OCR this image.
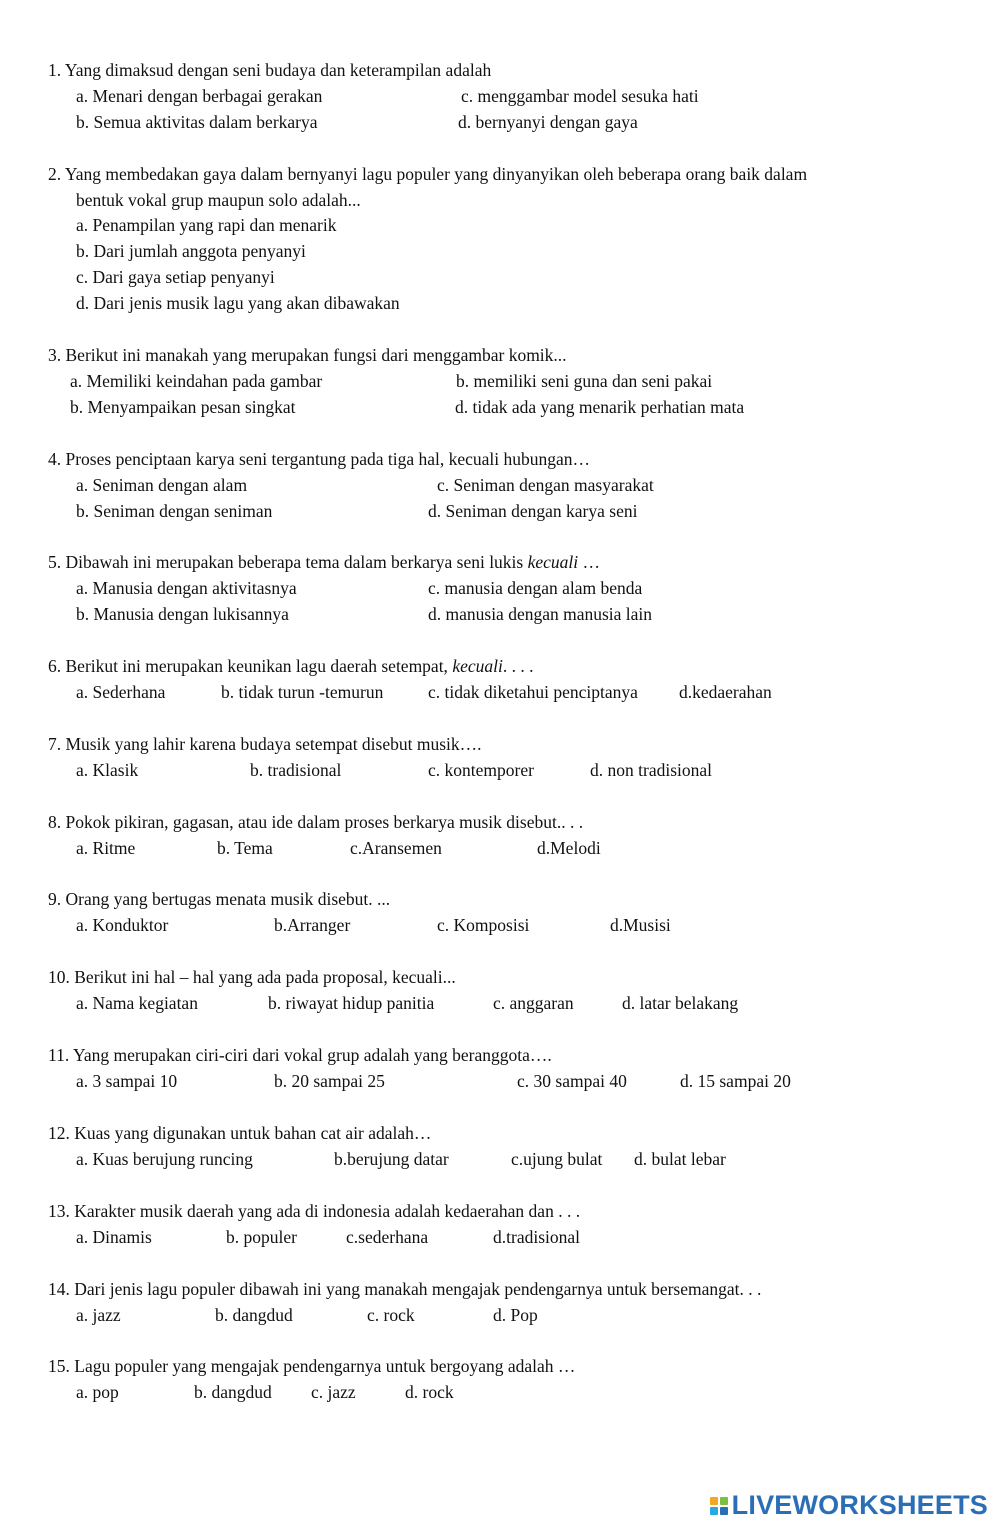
1. Yang dimaksud dengan seni budaya dan keterampilan adalah
a. Menari dengan berbagai gerakan	c. menggambar model sesuka hati
b. Semua aktivitas dalam berkarya	d. bernyanyi dengan gaya
2. Yang membedakan gaya dalam bernyanyi lagu populer yang dinyanyikan oleh beberapa orang baik dalam
bentuk vokal grup maupun solo adalah...
a. Penampilan yang rapi dan menarik
b. Dari jumlah anggota penyanyi
c. Dari gaya setiap penyanyi
d. Dari jenis musik lagu yang akan dibawakan
3. Berikut ini manakah yang merupakan fungsi dari menggambar komik...
a. Memiliki keindahan pada gambar	b. memiliki seni guna dan seni pakai
b. Menyampaikan pesan singkat	d. tidak ada yang menarik perhatian mata
4. Proses penciptaan karya seni tergantung pada tiga hal, kecuali hubungan…
a. Seniman dengan alam	c. Seniman dengan masyarakat
b. Seniman dengan seniman	d. Seniman dengan karya seni
5. Dibawah ini merupakan beberapa tema dalam berkarya seni lukis kecuali …
a. Manusia dengan aktivitasnya	c. manusia dengan alam benda
b. Manusia dengan lukisannya	d. manusia dengan manusia lain
6. Berikut ini merupakan keunikan lagu daerah setempat, kecuali. . . .
a. Sederhana	b. tidak turun -temurun	c. tidak diketahui penciptanya d.kedaerahan
7. Musik yang lahir karena budaya setempat disebut musik….
a. Klasik	b. tradisional	c. kontemporer	d. non tradisional
8. Pokok pikiran, gagasan, atau ide dalam proses berkarya musik disebut.. . .
a. Ritme	b. Tema	c.Aransemen	d.Melodi
9. Orang yang bertugas menata musik disebut. ...
a. Konduktor	b.Arranger	c. Komposisi	d.Musisi
10. Berikut ini hal – hal yang ada pada proposal, kecuali...
a. Nama kegiatan	b. riwayat hidup panitia	c. anggaran	d. latar belakang
11. Yang merupakan ciri-ciri dari vokal grup adalah yang beranggota….
a. 3 sampai 10	b. 20 sampai 25	c. 30 sampai 40	d. 15 sampai 20
12. Kuas yang digunakan untuk bahan cat air adalah…
a. Kuas berujung runcing	b.berujung datar	c.ujung bulat d. bulat lebar
13. Karakter musik daerah yang ada di indonesia adalah kedaerahan dan . . .
a. Dinamis	b. populer	c.sederhana	d.tradisional
14. Dari jenis lagu populer dibawah ini yang manakah mengajak pendengarnya untuk bersemangat. . .
a. jazz	b. dangdud	c. rock	d. Pop
15. Lagu populer yang mengajak pendengarnya untuk bergoyang adalah …
a. pop	b. dangdud c. jazz	d. rock
LIVEWORKSHEETS
